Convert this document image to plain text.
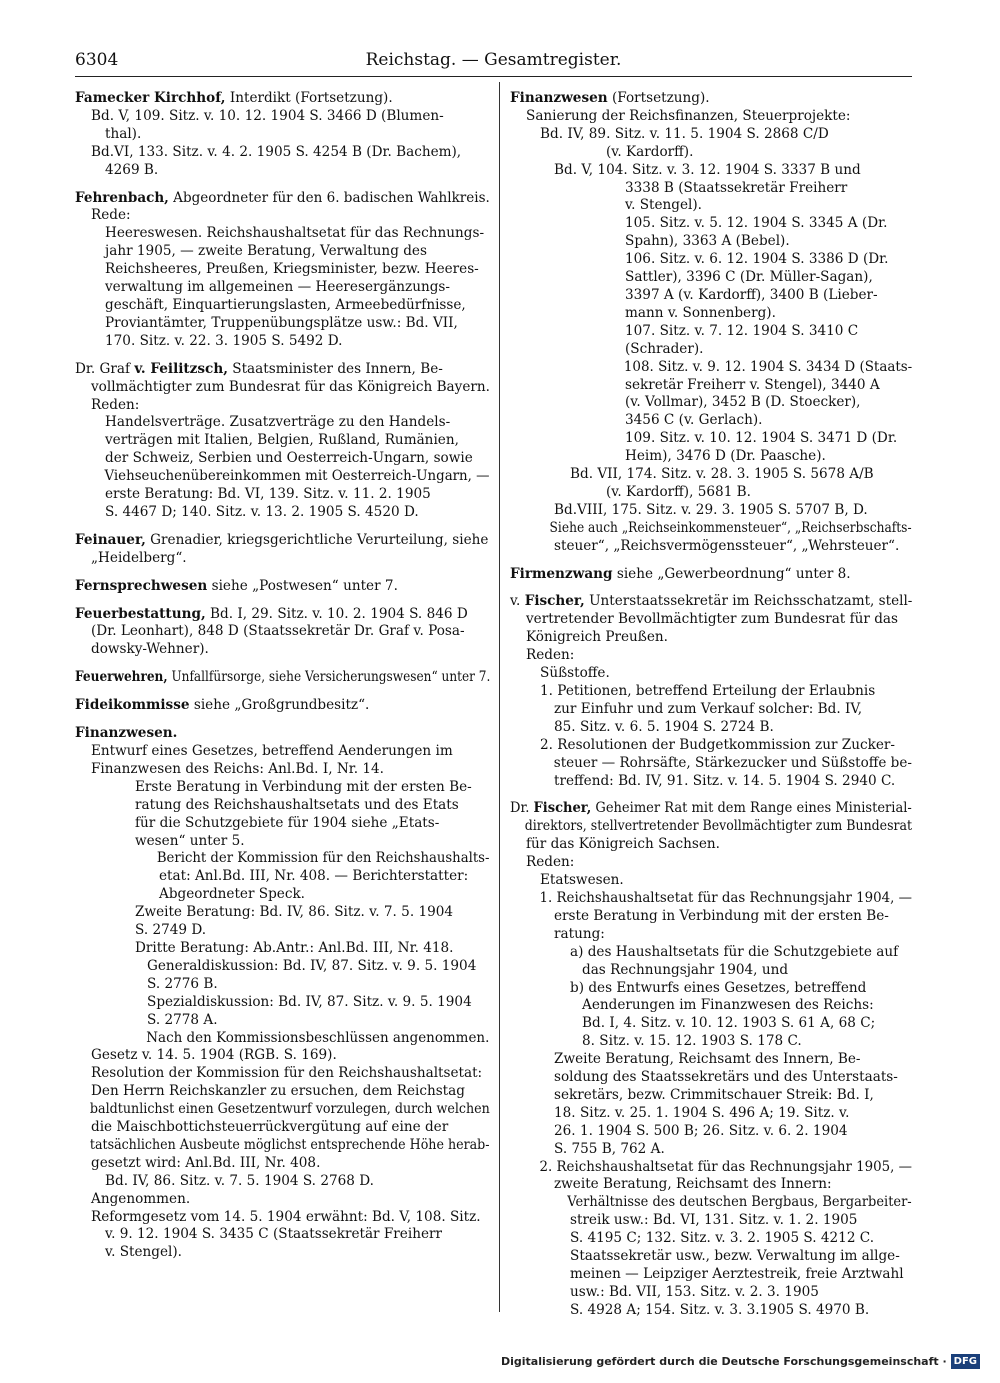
6304	Reichstag. — Gesamtregister.
Famecker Kirchhof, Interdikt (Fortsetzung).
Bd. V, 109. Sitz. v. 10. 12. 1904 S. 3466 D (Blumen-
thal).
Bd.VI, 133. Sitz. v. 4. 2. 1905 S. 4254 B (Dr. Bachem),
4269 B.
Fehrenbach, Abgeordneter für den 6. badischen Wahlkreis.
Rede:
Heereswesen. Reichshaushaltsetat für das Rechnungs-
jahr 1905, — zweite Beratung, Verwaltung des
Reichsheeres, Preußen, Kriegsminister, bezw. Heeres-
verwaltung im allgemeinen — Heeresergänzungs-
geschäft, Einquartierungslasten, Armeebedürfnisse,
Proviantämter, Truppenübungsplätze usw.: Bd. VII,
170. Sitz. v. 22. 3. 1905 S. 5492 D.
Dr. Graf v. Feilitzsch, Staatsminister des Innern, Be-
vollmächtigter zum Bundesrat für das Königreich Bayern.
Reden:
Handelsverträge. Zusatzverträge zu den Handels-
verträgen mit Italien, Belgien, Rußland, Rumänien,
der Schweiz, Serbien und Oesterreich-Ungarn, sowie
Viehseuchenübereinkommen mit Oesterreich-Ungarn, —
erste Beratung: Bd. VI, 139. Sitz. v. 11. 2. 1905
S. 4467 D; 140. Sitz. v. 13. 2. 1905 S. 4520 D.
Feinauer, Grenadier, kriegsgerichtliche Verurteilung, siehe
„Heidelberg“.
Fernsprechwesen siehe „Postwesen“ unter 7.
Feuerbestattung, Bd. I, 29. Sitz. v. 10. 2. 1904 S. 846 D
(Dr. Leonhart), 848 D (Staatssekretär Dr. Graf v. Posa-
dowsky-Wehner).
Feuerwehren, Unfallfürsorge, siehe Versicherungswesen“ unter 7.
Fideikommisse siehe „Großgrundbesitz“.
Finanzwesen.
Entwurf eines Gesetzes, betreffend Aenderungen im
Finanzwesen des Reichs: Anl.Bd. I, Nr. 14.
Erste Beratung in Verbindung mit der ersten Be-
ratung des Reichshaushaltsetats und des Etats
für die Schutzgebiete für 1904 siehe „Etats-
wesen“ unter 5.
Bericht der Kommission für den Reichshaushalts-
etat: Anl.Bd. III, Nr. 408. — Berichterstatter:
Abgeordneter Speck.
Zweite Beratung: Bd. IV, 86. Sitz. v. 7. 5. 1904
S. 2749 D.
Dritte Beratung: Ab.Antr.: Anl.Bd. III, Nr. 418.
Generaldiskussion: Bd. IV, 87. Sitz. v. 9. 5. 1904
S. 2776 B.
Spezialdiskussion: Bd. IV, 87. Sitz. v. 9. 5. 1904
S. 2778 A.
Nach den Kommissionsbeschlüssen angenommen.
Gesetz v. 14. 5. 1904 (RGB. S. 169).
Resolution der Kommission für den Reichshaushaltsetat:
Den Herrn Reichskanzler zu ersuchen, dem Reichstag
baldtunlichst einen Gesetzentwurf vorzulegen, durch welchen
die Maischbottichsteuerrückvergütung auf eine der
tatsächlichen Ausbeute möglichst entsprechende Höhe herab-
gesetzt wird: Anl.Bd. III, Nr. 408.
Bd. IV, 86. Sitz. v. 7. 5. 1904 S. 2768 D.
Angenommen.
Reformgesetz vom 14. 5. 1904 erwähnt: Bd. V, 108. Sitz.
v. 9. 12. 1904 S. 3435 C (Staatssekretär Freiherr
v. Stengel).
Finanzwesen (Fortsetzung).
Sanierung der Reichsfinanzen, Steuerprojekte:
Bd. IV, 89. Sitz. v. 11. 5. 1904 S. 2868 C/D
(v. Kardorff).
Bd. V, 104. Sitz. v. 3. 12. 1904 S. 3337 B und
3338 B (Staatssekretär Freiherr
v. Stengel).
105. Sitz. v. 5. 12. 1904 S. 3345 A (Dr.
Spahn), 3363 A (Bebel).
106. Sitz. v. 6. 12. 1904 S. 3386 D (Dr.
Sattler), 3396 C (Dr. Müller-Sagan),
3397 A (v. Kardorff), 3400 B (Lieber-
mann v. Sonnenberg).
107. Sitz. v. 7. 12. 1904 S. 3410 C
(Schrader).
108. Sitz. v. 9. 12. 1904 S. 3434 D (Staats-
sekretär Freiherr v. Stengel), 3440 A
(v. Vollmar), 3452 B (D. Stoecker),
3456 C (v. Gerlach).
109. Sitz. v. 10. 12. 1904 S. 3471 D (Dr.
Heim), 3476 D (Dr. Paasche).
Bd. VII, 174. Sitz. v. 28. 3. 1905 S. 5678 A/B
(v. Kardorff), 5681 B.
Bd.VIII, 175. Sitz. v. 29. 3. 1905 S. 5707 B, D.
Siehe auch „Reichseinkommensteuer“, „Reichserbschafts-
steuer“, „Reichsvermögenssteuer“, „Wehrsteuer“.
Firmenzwang siehe „Gewerbeordnung“ unter 8.
v. Fischer, Unterstaatssekretär im Reichsschatzamt, stell-
vertretender Bevollmächtigter zum Bundesrat für das
Königreich Preußen.
Reden:
Süßstoffe.
1. Petitionen, betreffend Erteilung der Erlaubnis
zur Einfuhr und zum Verkauf solcher: Bd. IV,
85. Sitz. v. 6. 5. 1904 S. 2724 B.
2. Resolutionen der Budgetkommission zur Zucker-
steuer — Rohrsäfte, Stärkezucker und Süßstoffe be-
treffend: Bd. IV, 91. Sitz. v. 14. 5. 1904 S. 2940 C.
Dr. Fischer, Geheimer Rat mit dem Range eines Ministerial-
direktors, stellvertretender Bevollmächtigter zum Bundesrat
für das Königreich Sachsen.
Reden:
Etatswesen.
1. Reichshaushaltsetat für das Rechnungsjahr 1904, —
erste Beratung in Verbindung mit der ersten Be-
ratung:
a) des Haushaltsetats für die Schutzgebiete auf
das Rechnungsjahr 1904, und
b) des Entwurfs eines Gesetzes, betreffend
Aenderungen im Finanzwesen des Reichs:
Bd. I, 4. Sitz. v. 10. 12. 1903 S. 61 A, 68 C;
8. Sitz. v. 15. 12. 1903 S. 178 C.
Zweite Beratung, Reichsamt des Innern, Be-
soldung des Staatssekretärs und des Unterstaats-
sekretärs, bezw. Crimmitschauer Streik: Bd. I,
18. Sitz. v. 25. 1. 1904 S. 496 A; 19. Sitz. v.
26. 1. 1904 S. 500 B; 26. Sitz. v. 6. 2. 1904
S. 755 B, 762 A.
2. Reichshaushaltsetat für das Rechnungsjahr 1905, —
zweite Beratung, Reichsamt des Innern:
Verhältnisse des deutschen Bergbaus, Bergarbeiter-
streik usw.: Bd. VI, 131. Sitz. v. 1. 2. 1905
S. 4195 C; 132. Sitz. v. 3. 2. 1905 S. 4212 C.
Staatssekretär usw., bezw. Verwaltung im allge-
meinen — Leipziger Aerztestreik, freie Arztwahl
usw.: Bd. VII, 153. Sitz. v. 2. 3. 1905
S. 4928 A; 154. Sitz. v. 3. 3.1905 S. 4970 B.
Digitalisierung gefördert durch die Deutsche Forschungsgemeinschaft · DFG
